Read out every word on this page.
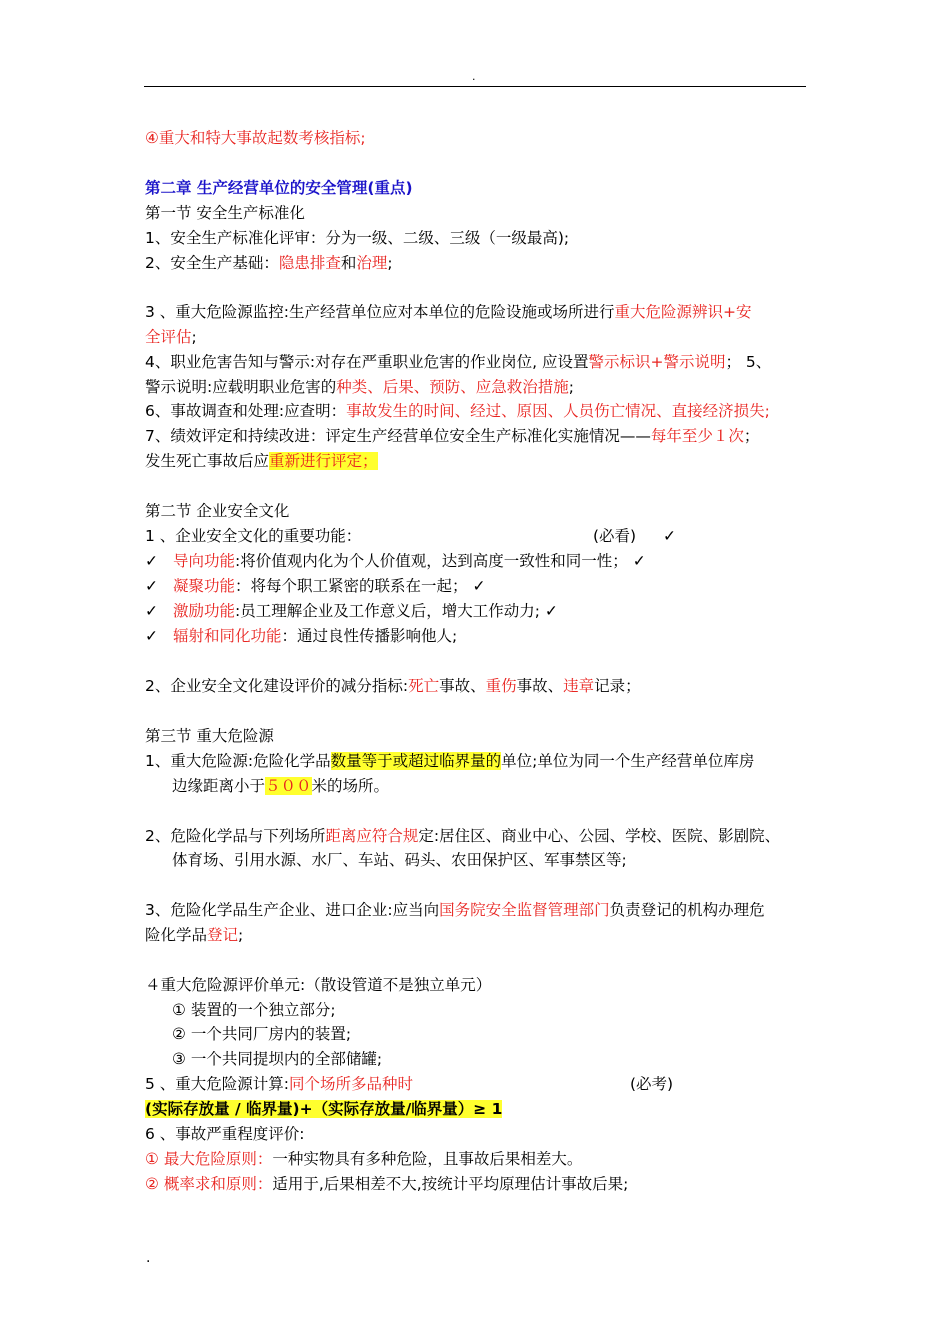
.
④重大和特大事故起数考核指标;
第二章 生产经营单位的安全管理(重点)
第一节 安全生产标准化
1、安全生产标准化评审：分为一级、二级、三级（一级最高);
2、安全生产基础：隐患排查和治理;
3 、重大危险源监控:生产经营单位应对本单位的危险设施或场所进行重大危险源辨识+安
全评估;
4、职业危害告知与警示:对存在严重职业危害的作业岗位, 应设置警示标识+警示说明； 5、
警示说明:应载明职业危害的种类、后果、预防、应急救治措施;
6、事故调查和处理:应查明：事故发生的时间、经过、原因、人员伤亡情况、直接经济损失;
7、绩效评定和持续改进：评定生产经营单位安全生产标准化实施情况——每年至少１次；
发生死亡事故后应重新进行评定；
第二节 企业安全文化
1 、企业安全文化的重要功能：	(必看) ✓
✓ 导向功能:将价值观内化为个人价值观，达到高度一致性和同一性； ✓
✓ 凝聚功能：将每个职工紧密的联系在一起； ✓
✓ 激励功能:员工理解企业及工作意义后，增大工作动力; ✓
✓ 辐射和同化功能：通过良性传播影响他人;
2、企业安全文化建设评价的减分指标:死亡事故、重伤事故、违章记录；
第三节 重大危险源
1、重大危险源:危险化学品数量等于或超过临界量的单位;单位为同一个生产经营单位库房
边缘距离小于５００米的场所。
2、危险化学品与下列场所距离应符合规定:居住区、商业中心、公园、学校、医院、影剧院、
体育场、引用水源、水厂、车站、码头、农田保护区、军事禁区等;
3、危险化学品生产企业、进口企业:应当向国务院安全监督管理部门负责登记的机构办理危
险化学品登记;
４重大危险源评价单元:（散设管道不是独立单元）
① 装置的一个独立部分;
② 一个共同厂房内的装置;
③ 一个共同提坝内的全部储罐;
5 、重大危险源计算:同个场所多品种时	(必考)
(实际存放量 / 临界量)+（实际存放量/临界量）≥ 1
6 、事故严重程度评价:
① 最大危险原则：一种实物具有多种危险，且事故后果相差大。
② 概率求和原则：适用于,后果相差不大,按统计平均原理估计事故后果;
.
